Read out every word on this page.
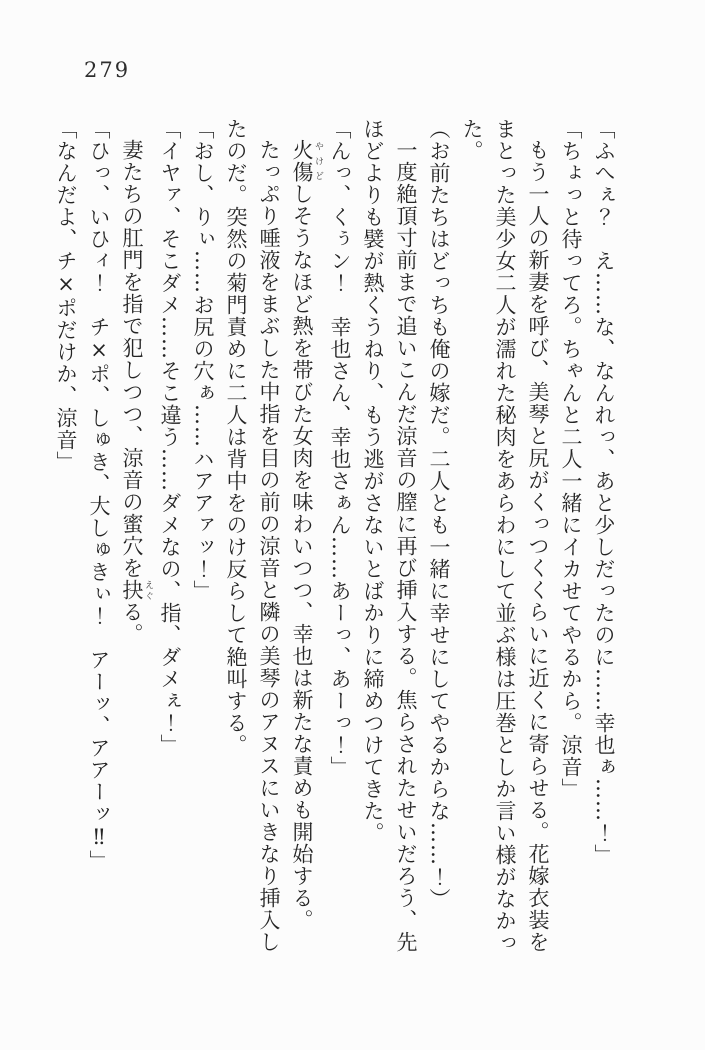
279

「ふへぇ？　え……な、なんれっ、あと少しだったのに……幸也ぁ……！」

「ちょっと待ってろ。ちゃんと二人一緒にイカせてやるから。涼音」

もう一人の新妻を呼び、美琴と尻がくっつくくらいに近くに寄らせる。花嫁衣装をまとった美少女二人が濡れた秘肉をあらわにして並ぶ様は圧巻としか言い様がなかった。

（お前たちはどっちも俺の嫁だ。二人とも一緒に幸せにしてやるからな……！）

一度絶頂寸前まで追いこんだ涼音の膣に再び挿入する。焦らされたせいだろう、先ほどよりも襞が熱くうねり、もう逃がさないとばかりに締めつけてきた。

「んっ、くぅン！　幸也さん、幸也さぁん……あーっ、あーっ！」

火傷 やけどしそうなほど熱を帯びた女肉を味わいつつ、幸也は新たな責めも開始する。

たっぷり唾液をまぶした中指を目の前の涼音と隣の美琴のアヌスにいきなり挿入したのだ。突然の菊門責めに二人は背中をのけ反らして絶叫する。

「おし、りぃ……お尻の穴ぁ……ハアアァッ！」

「イヤァ、そこダメ……そこ違う……ダメなの、指、ダメぇ！」

妻たちの肛門を指で犯しつつ、涼音の蜜穴を抉 えぐる。

「ひっ、いひィ！　チ×ポ、しゅき、大しゅきぃ！　アーッ、アアーッ‼」

「なんだよ、チ×ポだけか、涼音」
